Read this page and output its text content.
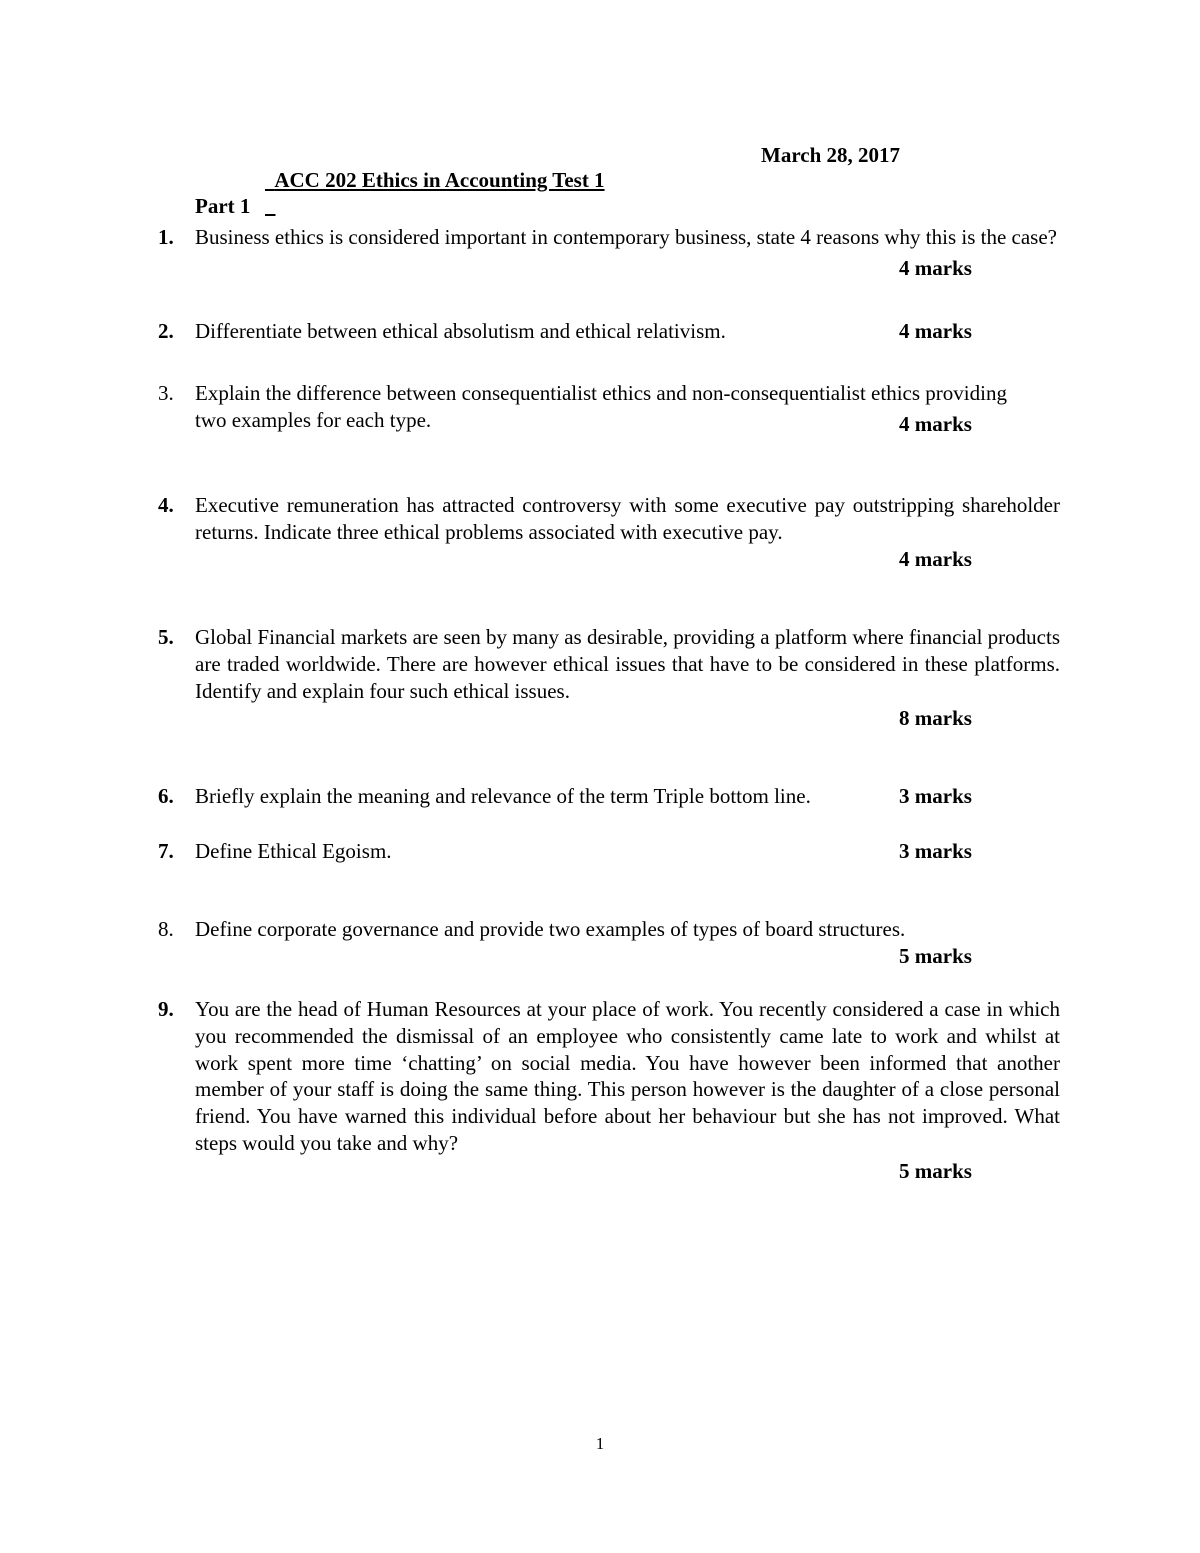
ACC 202 Ethics in Accounting Test 1

March 28, 2017

Part 1
1. Business ethics is considered important in contemporary business, state 4 reasons why this is the case?
4 marks
2. Differentiate between ethical absolutism and ethical relativism.	4 marks
3. Explain the difference between consequentialist ethics and non-consequentialist ethics providing two examples for each type.	4 marks
4. Executive remuneration has attracted controversy with some executive pay outstripping shareholder returns. Indicate three ethical problems associated with executive pay.
4 marks
5. Global Financial markets are seen by many as desirable, providing a platform where financial products are traded worldwide. There are however ethical issues that have to be considered in these platforms. Identify and explain four such ethical issues.
8 marks
6. Briefly explain the meaning and relevance of the term Triple bottom line.	3 marks
7. Define Ethical Egoism.	3 marks
8. Define corporate governance and provide two examples of types of board structures.
5 marks
9. You are the head of Human Resources at your place of work. You recently considered a case in which you recommended the dismissal of an employee who consistently came late to work and whilst at work spent more time ‘chatting’ on social media. You have however been informed that another member of your staff is doing the same thing. This person however is the daughter of a close personal friend. You have warned this individual before about her behaviour but she has not improved. What steps would you take and why?
5 marks
1
